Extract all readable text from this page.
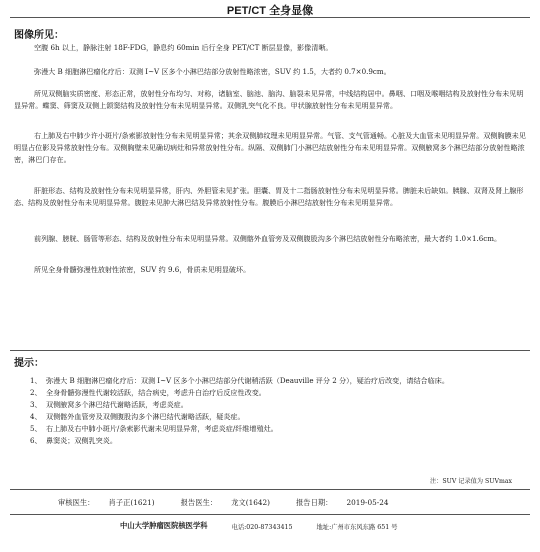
PET/CT 全身显像
图像所见：

空腹 6h 以上，静脉注射 18F-FDG，静息约 60min 后行全身 PET/CT 断层显像，影像清晰。

弥漫大 B 细胞淋巴瘤化疗后：双测 I~V 区多个小淋巴结部分放射性略浓密，SUV 约 1.5，大者约 0.7×0.9cm。

所见双侧脑实质密度、形态正常，放射性分布均匀、对称，诸脑室、脑池、脑沟、脑裂未见异常，中线结构居中。鼻咽、口咽及喉咽结构及放射性分布未见明显异常。蝶窦、筛窦及双侧上颌窦结构及放射性分布未见明显异常。双侧乳突气化不良。甲状腺放射性分布未见明显异常。

右上肺及右中肺少许小斑片/条索影放射性分布未见明显异常；其余双侧肺纹理未见明显异常。气管、支气管通畅。心脏及大血管未见明显异常。双侧胸膜未见明显占位影及异常放射性分布。双侧胸壁未见确切病灶和异常放射性分布。纵隔、双侧肺门小淋巴结放射性分布未见明显异常。双侧腋窝多个淋巴结部分放射性略浓密，淋巴门存在。

肝脏形态、结构及放射性分布未见明显异常，肝内、外胆管未见扩张。胆囊、胃及十二指肠放射性分布未见明显异常。脾脏未后缺如。胰腺、双肾及肾上腺形态、结构及放射性分布未见明显异常。腹腔未见肿大淋巴结及异常放射性分布。腹膜后小淋巴结放射性分布未见明显异常。

前列腺、膀胱、肠管等形态、结构及放射性分布未见明显异常。双侧髂外血管旁及双侧腹股沟多个淋巴结放射性分布略浓密，最大者约 1.0×1.6cm。

所见全身骨髓弥漫性放射性浓密，SUV 约 9.6，骨质未见明显破坏。

提示：
1、 弥漫大 B 细胞淋巴瘤化疗后：双测 I~V 区多个小淋巴结部分代谢稍活跃（Deauville 评分 2 分），疑治疗后改变，请结合临床。
2、 全身骨髓弥漫性代谢较活跃，结合病史，考虑升白治疗后反应性改变。
3、 双侧腋窝多个淋巴结代谢略活跃，考虑炎症。
4、 双侧髂外血管旁及双侧腹股沟多个淋巴结代谢略活跃，疑炎症。
5、 右上肺及右中肺小斑片/条索影代谢未见明显异常，考虑炎症/纤维增殖灶。
6、 鼻窦炎；双侧乳突炎。
注：SUV 记录值为 SUVmax
审核医生： 肖子正(1621)	报告医生： 龙文(1642)	报告日期： 2019-05-24
中山大学肿瘤医院核医学科	电话:020-87343415	地址:广州市东风东路 651 号
